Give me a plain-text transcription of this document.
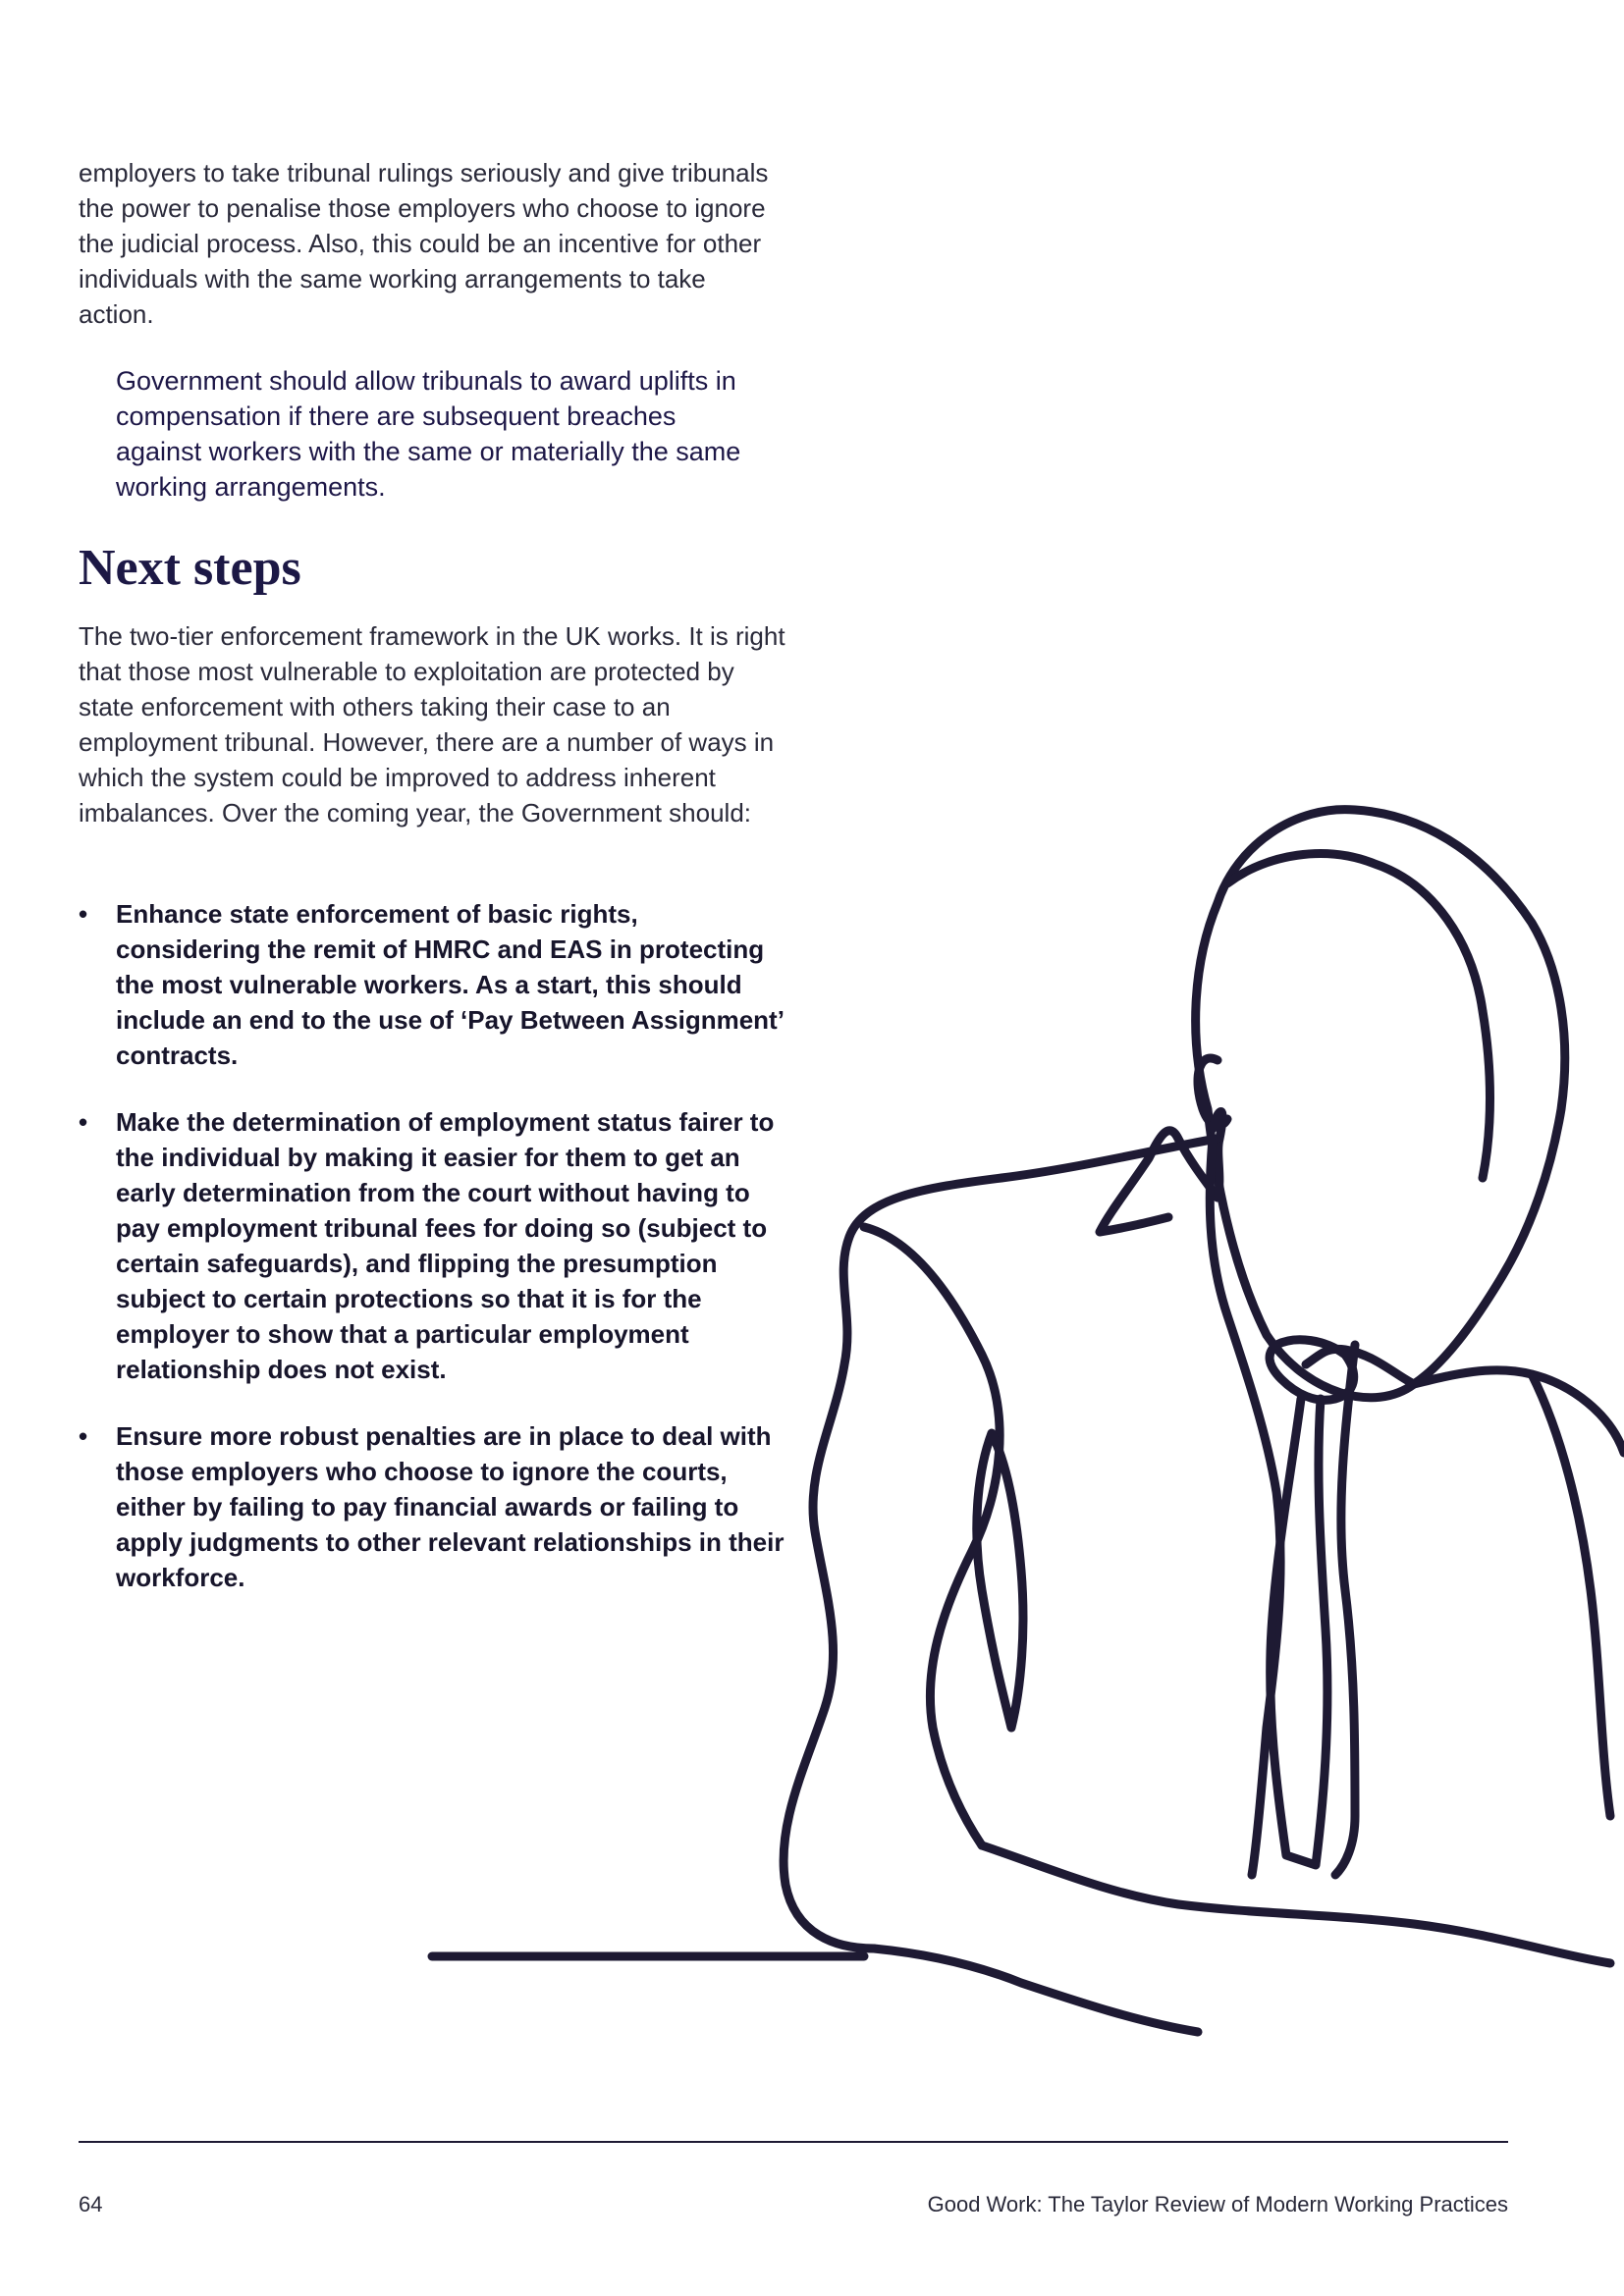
employers to take tribunal rulings seriously and give tribunals the power to penalise those employers who choose to ignore the judicial process. Also, this could be an incentive for other individuals with the same working arrangements to take action.

Government should allow tribunals to award uplifts in compensation if there are subsequent breaches against workers with the same or materially the same working arrangements.

Next steps

The two-tier enforcement framework in the UK works. It is right that those most vulnerable to exploitation are protected by state enforcement with others taking their case to an employment tribunal. However, there are a number of ways in which the system could be improved to address inherent imbalances. Over the coming year, the Government should:

• Enhance state enforcement of basic rights, considering the remit of HMRC and EAS in protecting the most vulnerable workers. As a start, this should include an end to the use of ‘Pay Between Assignment’ contracts.
• Make the determination of employment status fairer to the individual by making it easier for them to get an early determination from the court without having to pay employment tribunal fees for doing so (subject to certain safeguards), and flipping the presumption subject to certain protections so that it is for the employer to show that a particular employment relationship does not exist.
• Ensure more robust penalties are in place to deal with those employers who choose to ignore the courts, either by failing to pay financial awards or failing to apply judgments to other relevant relationships in their workforce.
64	Good Work: The Taylor Review of Modern Working Practices
